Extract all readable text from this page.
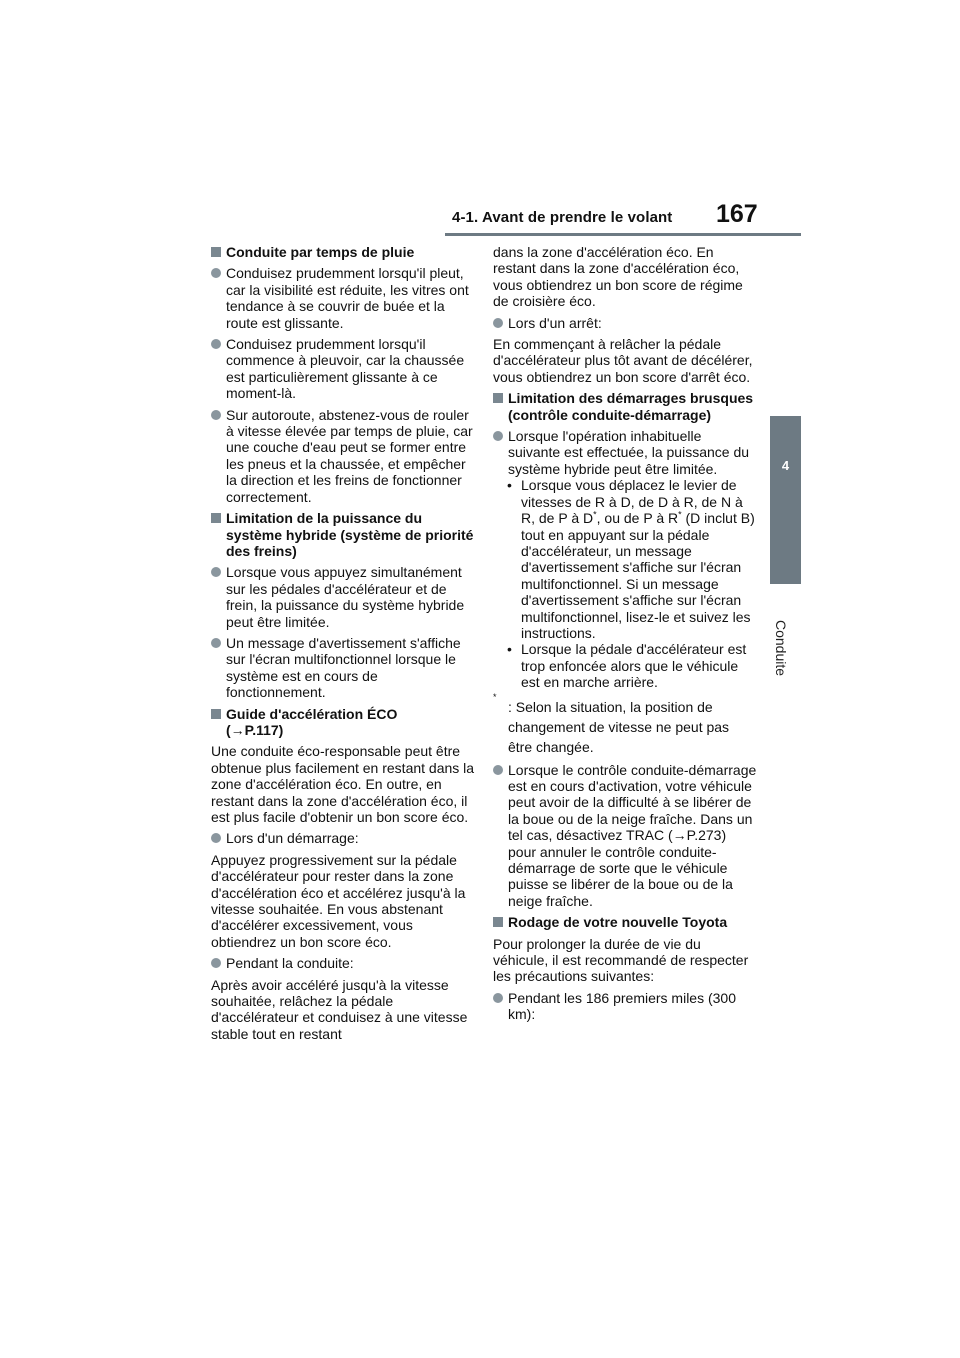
4-1. Avant de prendre le volant 167
4
Conduite
Conduite par temps de pluie
Conduisez prudemment lorsqu'il pleut, car la visibilité est réduite, les vitres ont tendance à se couvrir de buée et la route est glissante.
Conduisez prudemment lorsqu'il commence à pleuvoir, car la chaussée est particulièrement glissante à ce moment-là.
Sur autoroute, abstenez-vous de rouler à vitesse élevée par temps de pluie, car une couche d'eau peut se former entre les pneus et la chaussée, et empêcher la direction et les freins de fonctionner correctement.
Limitation de la puissance du système hybride (système de priorité des freins)
Lorsque vous appuyez simultanément sur les pédales d'accélérateur et de frein, la puissance du système hybride peut être limitée.
Un message d'avertissement s'affiche sur l'écran multifonctionnel lorsque le système est en cours de fonctionnement.
Guide d'accélération ÉCO
(→P.117)
Une conduite éco-responsable peut être obtenue plus facilement en restant dans la zone d'accélération éco. En outre, en restant dans la zone d'accélération éco, il est plus facile d'obtenir un bon score éco.
Lors d'un démarrage:
Appuyez progressivement sur la pédale d'accélérateur pour rester dans la zone d'accélération éco et accélérez jusqu'à la vitesse souhaitée. En vous abstenant d'accélérer excessivement, vous obtiendrez un bon score éco.
Pendant la conduite:
Après avoir accéléré jusqu'à la vitesse souhaitée, relâchez la pédale d'accélérateur et conduisez à une vitesse stable tout en restant
dans la zone d'accélération éco. En restant dans la zone d'accélération éco, vous obtiendrez un bon score de régime de croisière éco.
Lors d'un arrêt:
En commençant à relâcher la pédale d'accélérateur plus tôt avant de décélérer, vous obtiendrez un bon score d'arrêt éco.
Limitation des démarrages brusques (contrôle conduite-démarrage)
Lorsque l'opération inhabituelle suivante est effectuée, la puissance du système hybride peut être limitée.
• Lorsque vous déplacez le levier de vitesses de R à D, de D à R, de N à R, de P à D*, ou de P à R* (D inclut B) tout en appuyant sur la pédale d'accélérateur, un message d'avertissement s'affiche sur l'écran multifonctionnel. Si un message d'avertissement s'affiche sur l'écran multifonctionnel, lisez-le et suivez les instructions.
• Lorsque la pédale d'accélérateur est trop enfoncée alors que le véhicule est en marche arrière.
*
: Selon la situation, la position de changement de vitesse ne peut pas être changée.
Lorsque le contrôle conduite-démarrage est en cours d'activation, votre véhicule peut avoir de la difficulté à se libérer de la boue ou de la neige fraîche. Dans un tel cas, désactivez TRAC (→P.273) pour annuler le contrôle conduite-démarrage de sorte que le véhicule puisse se libérer de la boue ou de la neige fraîche.
Rodage de votre nouvelle Toyota
Pour prolonger la durée de vie du véhicule, il est recommandé de respecter les précautions suivantes:
Pendant les 186 premiers miles (300 km):
